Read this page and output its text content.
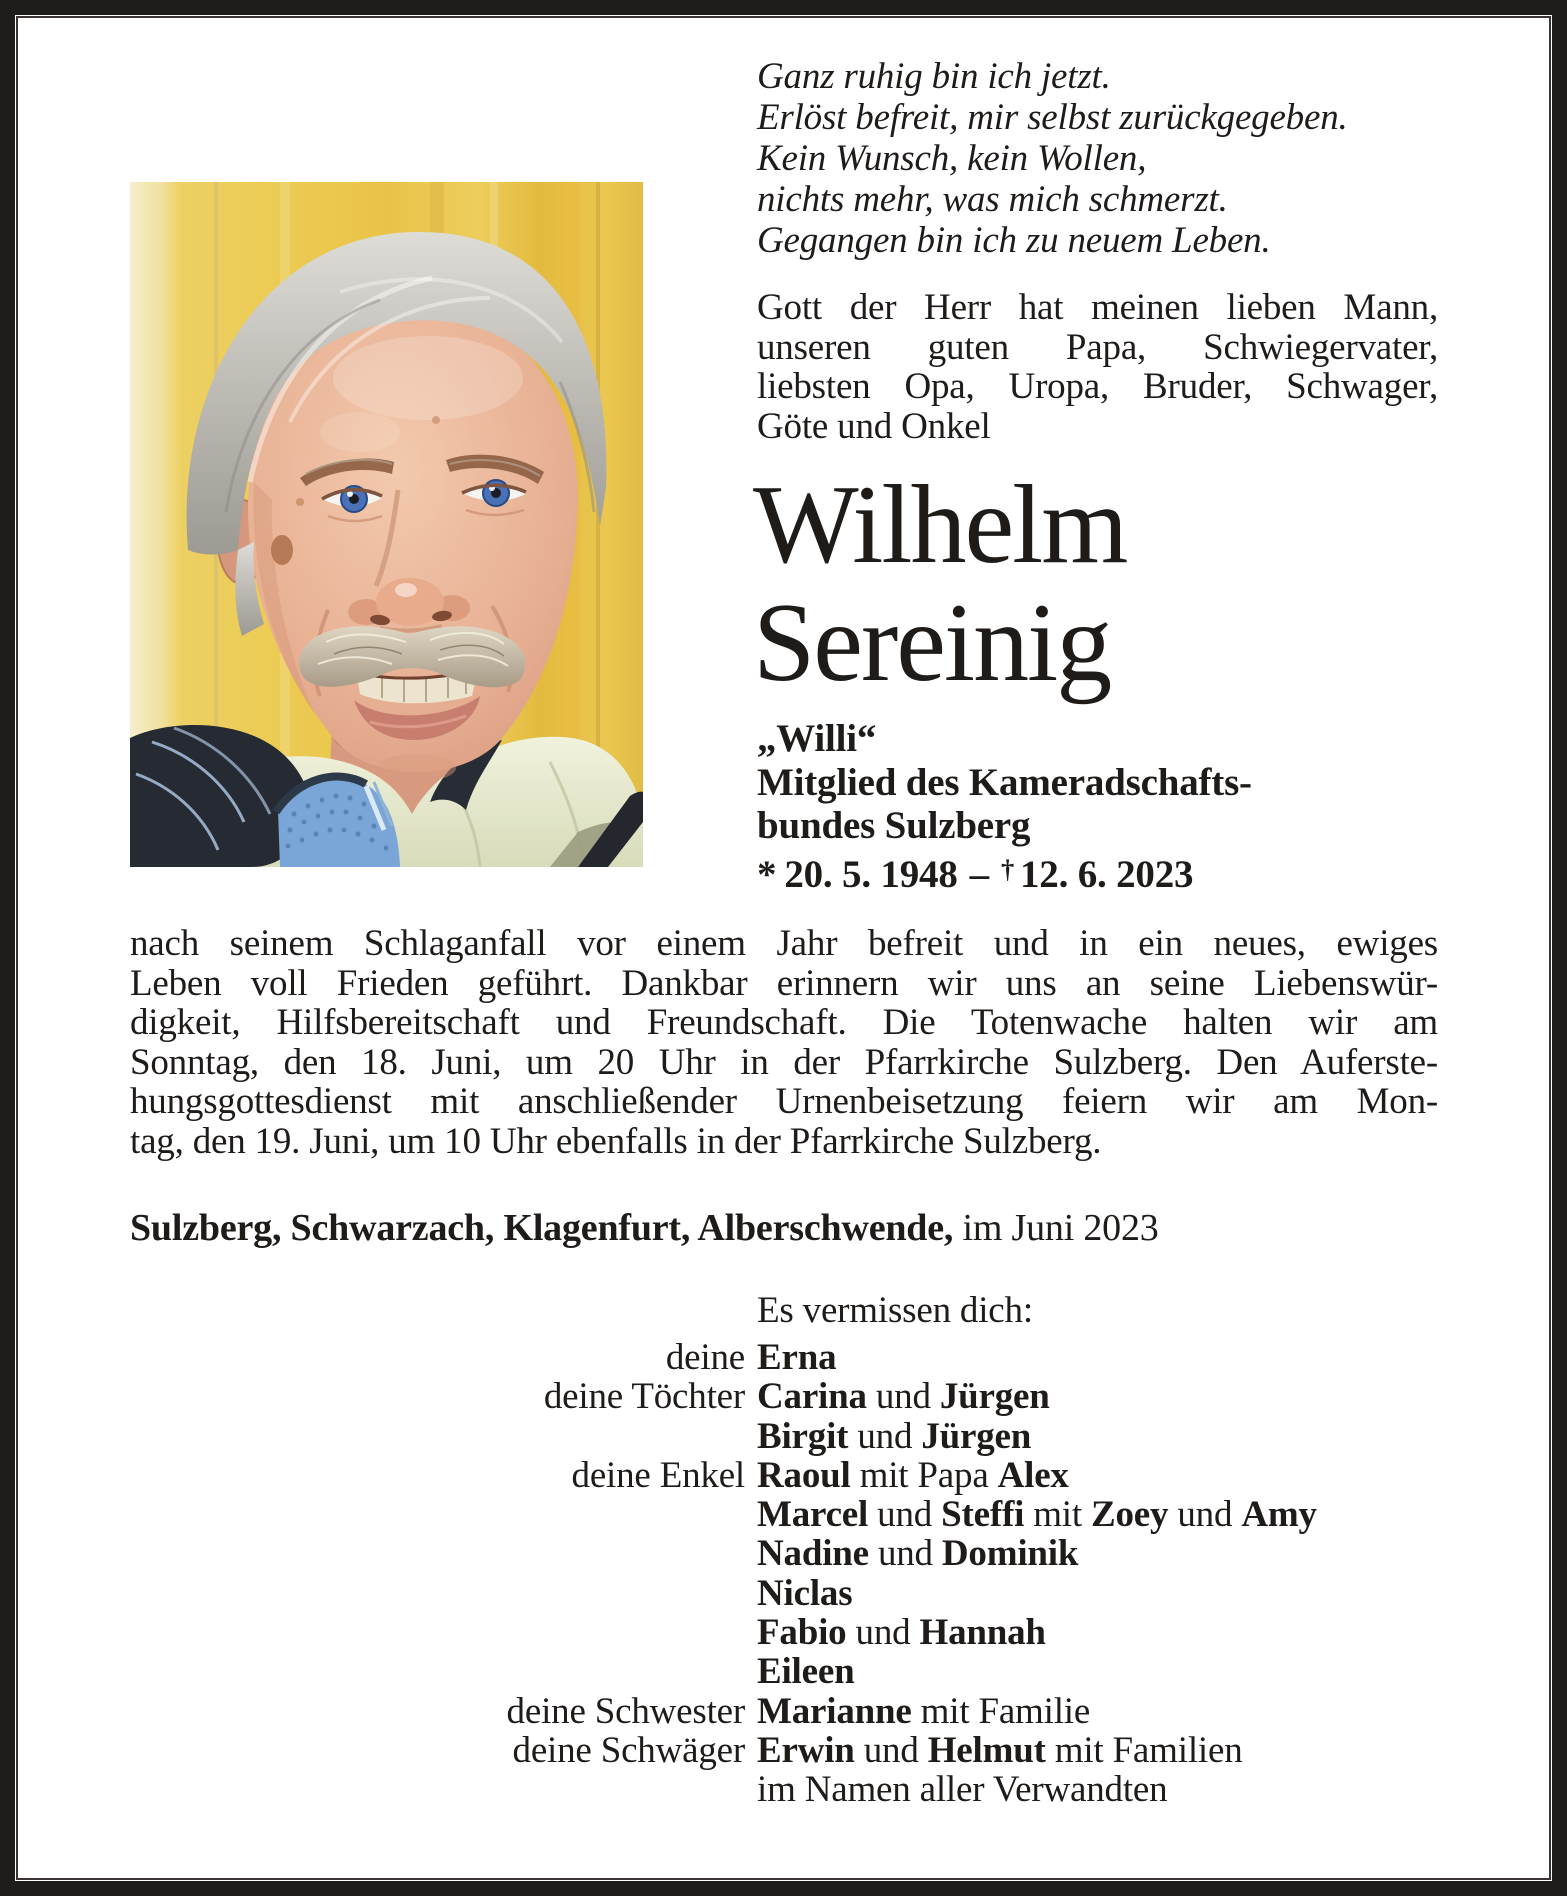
Ganz ruhig bin ich jetzt.
Erlöst befreit, mir selbst zurückgegeben.
Kein Wunsch, kein Wollen,
nichts mehr, was mich schmerzt.
Gegangen bin ich zu neuem Leben.
Gott der Herr hat meinen lieben Mann,
unseren guten Papa, Schwiegervater,
liebsten Opa, Uropa, Bruder, Schwager,
Göte und Onkel
Wilhelm
Sereinig
„Willi“
Mitglied des Kameradschafts-
bundes Sulzberg
* 20. 5. 1948 – † 12. 6. 2023
nach seinem Schlaganfall vor einem Jahr befreit und in ein neues, ewiges
Leben voll Frieden geführt. Dankbar erinnern wir uns an seine Liebenswür-
digkeit, Hilfsbereitschaft und Freundschaft. Die Totenwache halten wir am
Sonntag, den 18. Juni, um 20 Uhr in der Pfarrkirche Sulzberg. Den Auferste-
hungsgottesdienst mit anschließender Urnenbeisetzung feiern wir am Mon-
tag, den 19. Juni, um 10 Uhr ebenfalls in der Pfarrkirche Sulzberg.
Sulzberg, Schwarzach, Klagenfurt, Alberschwende, im Juni 2023
Es vermissen dich:
deine Erna
deine Töchter Carina und Jürgen
Birgit und Jürgen
deine Enkel Raoul mit Papa Alex
Marcel und Steffi mit Zoey und Amy
Nadine und Dominik
Niclas
Fabio und Hannah
Eileen
deine Schwester Marianne mit Familie
deine Schwäger Erwin und Helmut mit Familien
im Namen aller Verwandten
